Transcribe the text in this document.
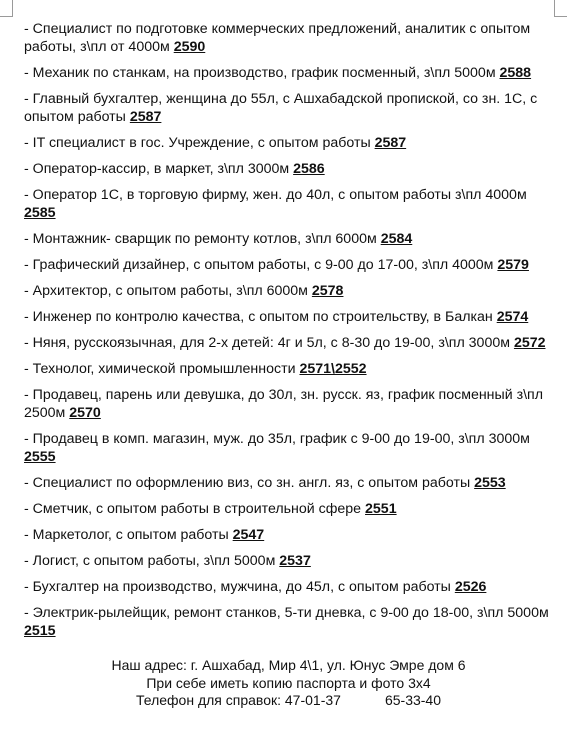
- Специалист по подготовке коммерческих предложений, аналитик с опытом работы, з\пл от 4000м 2590
- Механик по станкам, на производство, график посменный, з\пл 5000м 2588
- Главный бухгалтер, женщина до 55л, с Ашхабадской пропиской, со зн. 1С, с опытом работы 2587
- IT специалист в гос. Учреждение, с опытом работы 2587
- Оператор-кассир, в маркет, з\пл 3000м 2586
- Оператор 1С, в торговую фирму, жен. до 40л, с опытом работы з\пл 4000м 2585
- Монтажник- сварщик по ремонту котлов, з\пл 6000м 2584
- Графический дизайнер, с опытом работы, с 9-00 до 17-00, з\пл 4000м 2579
- Архитектор, с опытом работы, з\пл 6000м 2578
- Инженер по контролю качества, с опытом по строительству, в Балкан 2574
- Няня, русскоязычная, для 2-х детей: 4г и 5л, с 8-30 до 19-00, з\пл 3000м 2572
- Технолог, химической промышленности 2571\2552
- Продавец, парень или девушка, до 30л, зн. русск. яз, график посменный з\пл 2500м 2570
- Продавец в комп. магазин, муж. до 35л, график с 9-00 до 19-00, з\пл 3000м 2555
- Специалист по оформлению виз, со зн. англ. яз, с опытом работы 2553
- Сметчик, с опытом работы в строительной сфере 2551
- Маркетолог, с опытом работы 2547
- Логист, с опытом работы, з\пл 5000м 2537
- Бухгалтер на производство, мужчина, до 45л, с опытом работы 2526
- Электрик-рылейщик, ремонт станков, 5-ти дневка, с 9-00 до 18-00, з\пл 5000м 2515
Наш адрес: г. Ашхабад, Мир 4\1, ул. Юнус Эмре дом 6
При себе иметь копию паспорта и фото 3х4
Телефон для справок: 47-01-37	65-33-40
